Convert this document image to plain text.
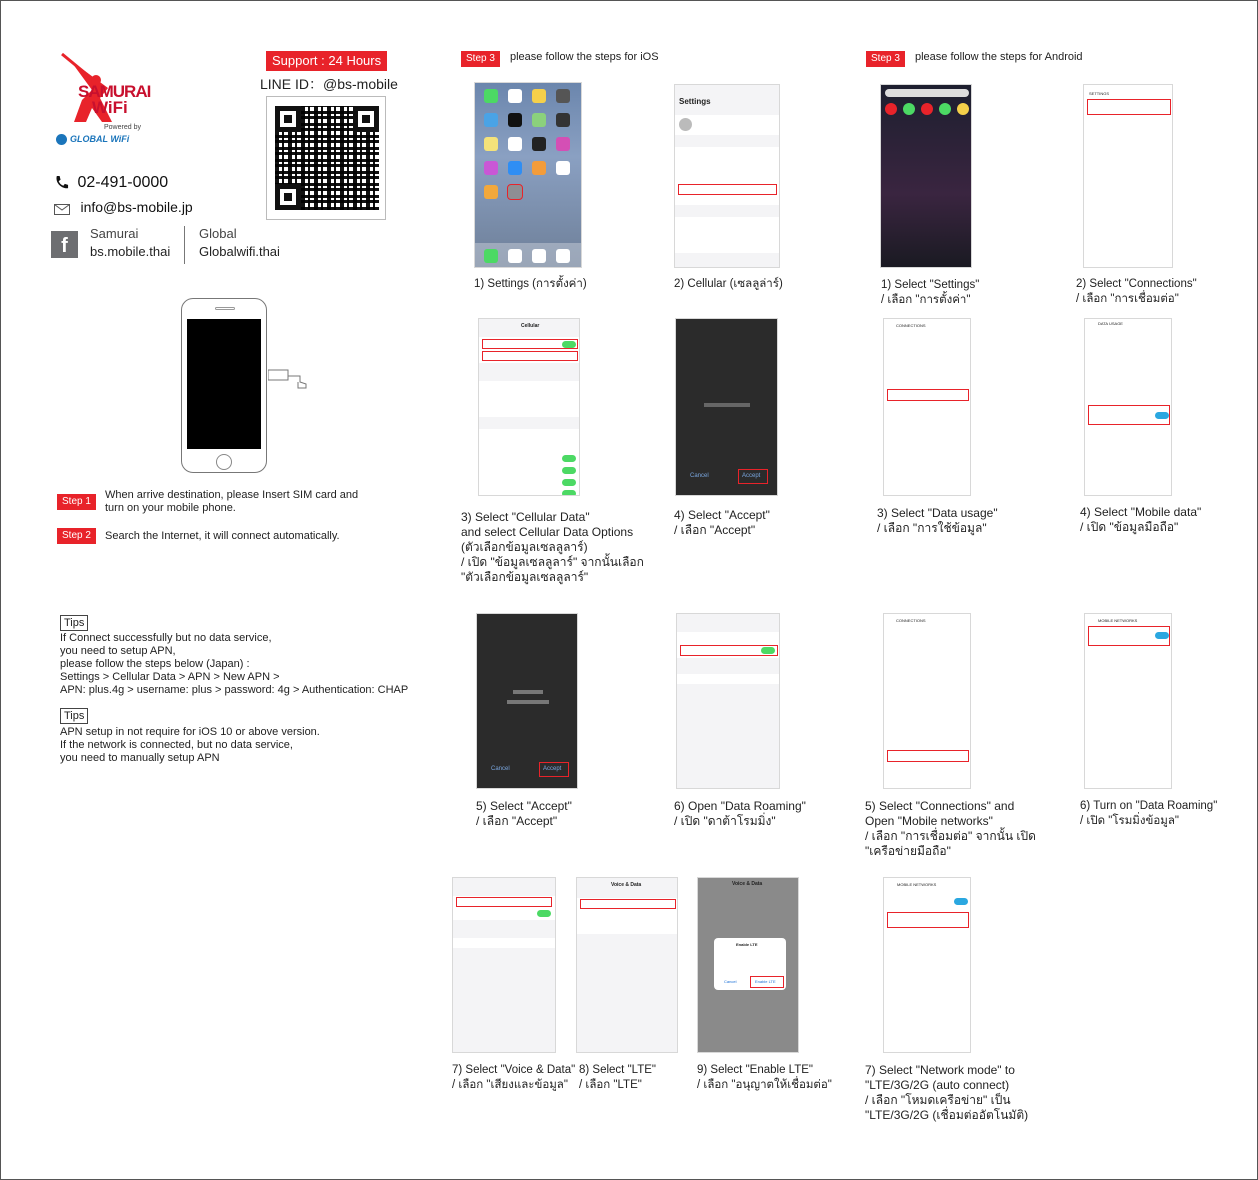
SAMURAI
WiFi
Powered by
GLOBAL WiFi
Support : 24 Hours
LINE ID：@bs-mobile
02-491-0000
info@bs-mobile.jp
f
Samurai
bs.mobile.thai
Global
Globalwifi.thai
Step 1
When arrive destination, please Insert SIM card and
turn on your mobile phone.
Step 2	Search the Internet, it will connect automatically.
Tips
If Connect successfully but no data service,
you need to setup APN,
please follow the steps below (Japan) :
Settings > Cellular Data > APN > New APN >
APN: plus.4g > username: plus > password: 4g > Authentication: CHAP
Tips
APN setup in not require for iOS 10 or above version.
If the network is connected, but no data service,
you need to manually setup APN
Step 3	please follow the steps for iOS	Step 3	please follow the steps for Android
1) Settings (การตั้งค่า)
Settings
2) Cellular (เซลลูล่าร์)
Cellular
3) Select "Cellular Data"
and select Cellular Data Options
(ตัวเลือกข้อมูลเซลลูลาร์)
/ เปิด "ข้อมูลเซลลูลาร์" จากนั้นเลือก
"ตัวเลือกข้อมูลเซลลูลาร์"
Cancel	Accept
4) Select "Accept"
/ เลือก "Accept"
Cancel	Accept
5) Select "Accept"
/ เลือก "Accept"
6) Open "Data Roaming"
/ เปิด "ดาต้าโรมมิ่ง"
7) Select "Voice & Data"
/ เลือก "เสียงและข้อมูล"
Voice & Data
8) Select "LTE"
/ เลือก "LTE"
Voice & Data
Enable LTE
Enable LTE
Cancel
9) Select "Enable LTE"
/ เลือก "อนุญาตให้เชื่อมต่อ"
1) Select "Settings"
/ เลือก "การตั้งค่า"
SETTINGS
2) Select "Connections"
/ เลือก "การเชื่อมต่อ"
CONNECTIONS
3) Select "Data usage"
/ เลือก "การใช้ข้อมูล"
DATA USAGE
4) Select "Mobile data"
/ เปิด "ข้อมูลมือถือ"
CONNECTIONS
5) Select "Connections" and
Open "Mobile networks"
/ เลือก "การเชื่อมต่อ" จากนั้น เปิด
"เครือข่ายมือถือ"
MOBILE NETWORKS
6) Turn on "Data Roaming"
/ เปิด "โรมมิ่งข้อมูล"
MOBILE NETWORKS
7) Select "Network mode" to
"LTE/3G/2G (auto connect)
/ เลือก "โหมดเครือข่าย" เป็น
"LTE/3G/2G (เชื่อมต่ออัตโนมัติ)
